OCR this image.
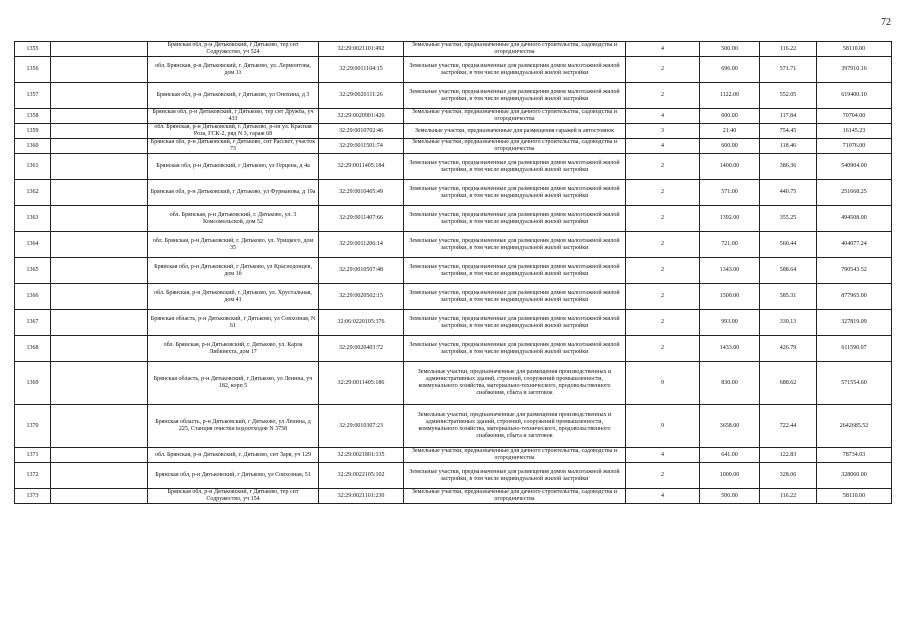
72
1355		Брянская обл, р-н Дятьковский, г Дятьково, тер снт Содружество, уч 524	32:29:0021101:492	Земельные участки, предназначенные для дачного строительства, садоводства и огородничества	4	500.00	116.22	58110.00
1356		обл. Брянская, р-н Дятьковский, г. Дятьково, ул. Лермонтова, дом 11	32:29:0011104:15	Земельные участки, предназначенные для размещения домов малоэтажной жилой застройки, в том числе индивидуальной жилой застройки	2	696.00	571.71	397910.16
1357		Брянская обл, р-н Дятьковский, г Дятьково, ул Онохина, д 3	32:29:0020111:26	Земельные участки, предназначенные для размещения домов малоэтажной жилой застройки, в том числе индивидуальной жилой застройки	2	1122.00	552.05	619400.10
1358		Брянская обл, р-н Дятьковский, г Дятьково, тер снт Дружба, уч 433	32:29:0020901:426	Земельные участки, предназначенные для дачного строительства, садоводства и огородничества	4	600.00	117.84	70704.00
1359		обл. Брянская, р-н Дятьковский, г. Дятьково, р-он ул. Красная Роза, ГСК-2, ряд N 3, гараж 68	32:29:0010702:46	Земельные участки, предназначенные для размещения гаражей и автостоянок	3	21.40	754.45	16145.23
1360		Брянская обл, р-н Дятьковский, г Дятьково, снт Рассвет, участок 73	32:29:0011501:74	Земельные участки, предназначенные для дачного строительства, садоводства и огородничества	4	600.00	118.46	71076.00
1361		Брянская обл, р-н Дятьковский, г Дятьково, ул Герцена, д 4а	32:29:0011405:184	Земельные участки, предназначенные для размещения домов малоэтажной жилой застройки, в том числе индивидуальной жилой застройки	2	1400.00	386.36	540904.00
1362		Брянская обл, р-н Дятьковский, г Дятьково, ул Фурманова, д 19а	32:29:0010405:49	Земельные участки, предназначенные для размещения домов малоэтажной жилой застройки, в том числе индивидуальной жилой застройки	2	571.00	440.75	251668.25
1363		обл. Брянская, р-н Дятьковский, г. Дятьково, ул. 3 Комсомольской, дом 52	32:29:0011407:66	Земельные участки, предназначенные для размещения домов малоэтажной жилой застройки, в том числе индивидуальной жилой застройки	2	1392.00	355.25	494508.00
1364		обл. Брянская, р-н Дятьковский, г. Дятьково, ул. Урицкого, дом 35	32:29:0011206:14	Земельные участки, предназначенные для размещения домов малоэтажной жилой застройки, в том числе индивидуальной жилой застройки	2	721.00	560.44	404077.24
1365		Брянская обл, р-н Дятьковский, г Дятьково, ул Краснодонцев, дом 1б	32:29:0010507:48	Земельные участки, предназначенные для размещения домов малоэтажной жилой застройки, в том числе индивидуальной жилой застройки	2	1343.00	588.64	790543.52
1366		обл. Брянская, р-н Дятьковский, г. Дятьково, ул. Хрустальная, дом 41	32:29:0020502:15	Земельные участки, предназначенные для размещения домов малоэтажной жилой застройки, в том числе индивидуальной жилой застройки	2	1500.00	585.31	877965.00
1367		Брянская область, р-н Дятьковский, г Дятьково, ул Совхозная, N 61	32:06:0220105:376	Земельные участки, предназначенные для размещения домов малоэтажной жилой застройки, в том числе индивидуальной жилой застройки	2	993.00	330.13	327819.09
1368		обл. Брянская, р-н Дятьковский, г. Дятьково, ул. Карла Либкнехта, дом 17	32:29:0020403:72	Земельные участки, предназначенные для размещения домов малоэтажной жилой застройки, в том числе индивидуальной жилой застройки	2	1433.00	426.79	611590.07
1369		Брянская область, р-н Дятьковский, г Дятьково, ул Ленина, уч 182, корп 5	32:29:0011405:186	Земельные участки, предназначенные для размещения производственных и административных зданий, строений, сооружений промышленности, коммунального хозяйства, материально-технического, продовольственного снабжения, сбыта и заготовок	9	830.00	688.62	571554.60
1370		Брянская область, р-н Дятьковский, г Дятьково, ул Ленина, д 225, Станция очистки водоотходов N 3758	32:29:0010307:23	Земельные участки, предназначенные для размещения производственных и административных зданий, строений, сооружений промышленности, коммунального хозяйства, материально-технического, продовольственного снабжения, сбыта и заготовок	9	3658.00	722.44	2642685.52
1371		обл. Брянская, р-н Дятьковский, г. Дятьково, снт Заря, уч 129	32:29:0021801:135	Земельные участки, предназначенные для дачного строительства, садоводства и огородничества	4	641.00	122.83	78734.03
1372		Брянская обл, р-н Дятьковский, г Дятьково, ул Совхозная, 51	32:29:0022105:102	Земельные участки, предназначенные для размещения домов малоэтажной жилой застройки, в том числе индивидуальной жилой застройки	2	1000.00	328.06	328060.00
1373		Брянская обл, р-н Дятьковский, г Дятьково, тер снт Содружество, уч 154	32:29:0021101:230	Земельные участки, предназначенные для дачного строительства, садоводства и огородничества	4	500.00	116.22	58110.00
